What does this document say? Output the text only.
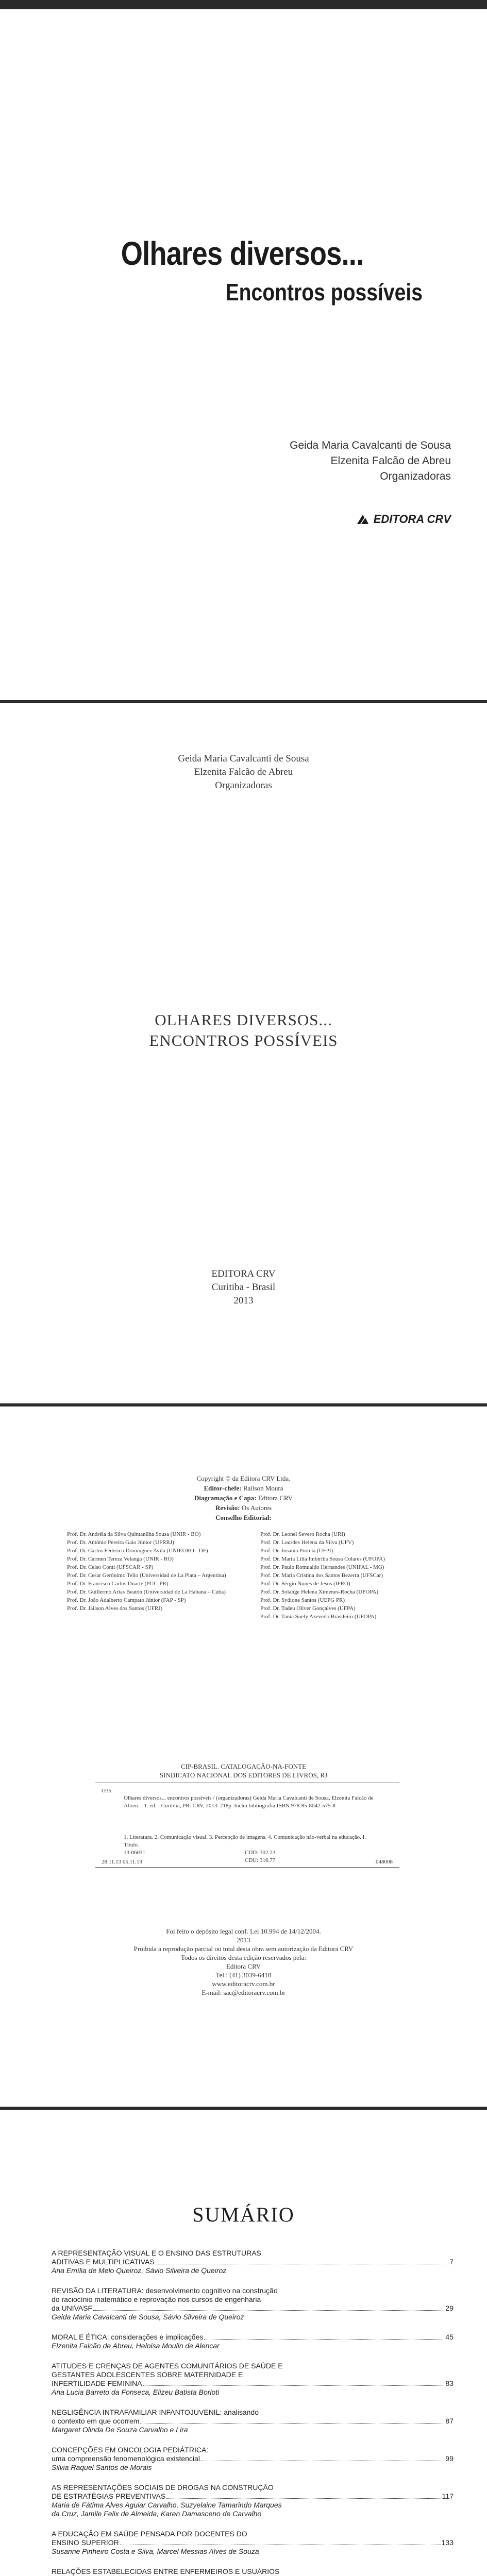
Olhares diversos...
Encontros possíveis
Geida Maria Cavalcanti de Sousa
Elzenita Falcão de Abreu
Organizadoras
EDITORA CRV
Geida Maria Cavalcanti de Sousa
Elzenita Falcão de Abreu
Organizadoras
OLHARES DIVERSOS...
ENCONTROS POSSÍVEIS
EDITORA CRV
Curitiba - Brasil
2013
Copyright © da Editora CRV Ltda.
Editor-chefe: Railson Moura
Diagramação e Capa: Editora CRV
Revisão: Os Autores
Conselho Editorial:
Prof. Dr. Andréia da Silva Quintanilha Sousa (UNIR - BO)
Prof. Dr. Antônio Pereira Gaio Júnior (UFRRJ)
Prof. Dr. Carlos Federico Dominguez Avila (UNIEURO - DF)
Prof. Dr. Carmen Tereza Velanga (UNIR - RO)
Prof. Dr. Celso Conti (UFSCAR - SP)
Prof. Dr. Cesar Gerónimo Tello (Universidad de La Plata – Argentina)
Prof. Dr. Francisco Carlos Duarte (PUC-PR)
Prof. Dr. Guillermo Arias Beatón (Universidad de La Habana – Cuba)
Prof. Dr. João Adalberto Campato Júnior (FAP - SP)
Prof. Dr. Jailson Alves dos Santos (UFRJ)
Prof. Dr. Leonel Severo Rocha (URI)
Prof. Dr. Lourdes Helena da Silva (UFV)
Prof. Dr. Josania Portela (UFPI)
Prof. Dr. Maria Lília Imbiriba Sousa Colares (UFOPA)
Prof. Dr. Paulo Romualdo Hernandes (UNIFAL - MG)
Prof. Dr. Maria Cristina dos Santos Bezerra (UFSCar)
Prof. Dr. Sérgio Nunes de Jesus (IFRO)
Prof. Dr. Solange Helena Ximenes-Rocha (UFOPA)
Prof. Dr. Sydione Santos (UEPG PR)
Prof. Dr. Tadeu Oliver Gonçalves (UFPA)
Prof. Dr. Tania Suely Azevedo Brasileiro (UFOPA)
CIP-BRASIL. CATALOGAÇÃO-NA-FONTE
SINDICATO NACIONAL DOS EDITORES DE LIVROS, RJ
O36
Olhares diversos... encontros possíveis / (organizadoras) Geida Maria Cavalcanti de Sousa, Elzenita Falcão de Abreu. - 1. ed. - Curitiba, PR: CRV, 2013. 218p. Inclui bibliografia ISBN 978-85-8042-575-8
1. Literatura. 2. Comunicação visual. 3. Percepção de imagens. 4. Comunicação não-verbal na educação. I. Título.
13-06031	CDD: 302.23
CDU: 316.77
28.11.13 05.11.13	048008
Foi feito o depósito legal conf. Lei 10.994 de 14/12/2004.
2013
Proibida a reprodução parcial ou total desta obra sem autorização da Editora CRV
Todos os direitos desta edição reservados pela:
Editora CRV
Tel.: (41) 3039-6418
www.editoracrv.com.br
E-mail: sac@editoracrv.com.br
SUMÁRIO
A REPRESENTAÇÃO VISUAL E O ENSINO DAS ESTRUTURAS
ADITIVAS E MULTIPLICATIVAS	7
Ana Emília de Melo Queiroz, Sávio Silveira de Queiroz
REVISÃO DA LITERATURA: desenvolvimento cognitivo na construção
do raciocínio matemático e reprovação nos cursos de engenharia
da UNIVASF	29
Geida Maria Cavalcanti de Sousa, Sávio Silveira de Queiroz
MORAL E ÉTICA: considerações e implicações	45
Elzenita Falcão de Abreu, Heloisa Moulin de Alencar
ATITUDES E CRENÇAS DE AGENTES COMUNITÁRIOS DE SAÚDE E
GESTANTES ADOLESCENTES SOBRE MATERNIDADE E
INFERTILIDADE FEMININA	83
Ana Lucia Barreto da Fonseca, Elizeu Batista Borloti
NEGLIGÊNCIA INTRAFAMILIAR INFANTOJUVENIL: analisando
o contexto em que ocorrem	87
Margaret Olinda De Souza Carvalho e Lira
CONCEPÇÕES EM ONCOLOGIA PEDIÁTRICA:
uma compreensão fenomenológica existencial	99
Silvia Raquel Santos de Morais
AS REPRESENTAÇÕES SOCIAIS DE DROGAS NA CONSTRUÇÃO
DE ESTRATÉGIAS PREVENTIVAS	117
Maria de Fátima Alves Aguiar Carvalho, Suzyelaine Tamarindo Marques
da Cruz, Jamile Felix de Almeida, Karen Damasceno de Carvalho
A EDUCAÇÃO EM SAÚDE PENSADA POR DOCENTES DO
ENSINO SUPERIOR	133
Susanne Pinheiro Costa e Silva, Marcel Messias Alves de Souza
RELAÇÕES ESTABELECIDAS ENTRE ENFERMEIROS E USUÁRIOS
